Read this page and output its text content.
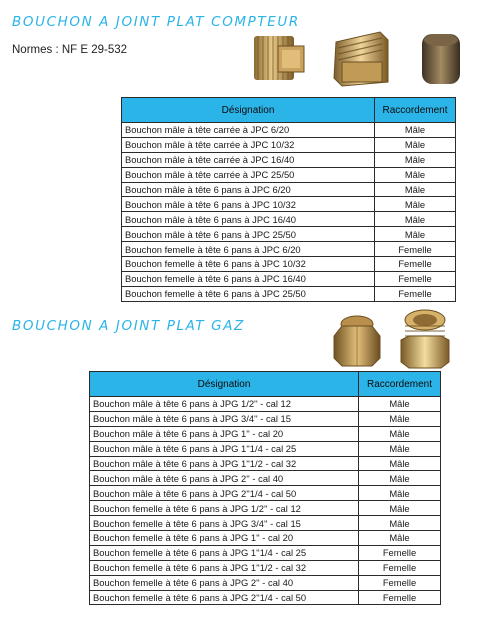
BOUCHON A JOINT PLAT COMPTEUR
Normes : NF E 29-532
Désignation	Raccordement
Bouchon mâle à tête carrée à JPC 6/20	Mâle
Bouchon mâle à tête carrée à JPC 10/32	Mâle
Bouchon mâle à tête carrée à JPC 16/40	Mâle
Bouchon mâle à tête carrée à JPC 25/50	Mâle
Bouchon mâle à tête 6 pans à JPC 6/20	Mâle
Bouchon mâle à tête 6 pans à JPC 10/32	Mâle
Bouchon mâle à tête 6 pans à JPC 16/40	Mâle
Bouchon mâle à tête 6 pans à JPC 25/50	Mâle
Bouchon femelle à tête 6 pans à JPC 6/20	Femelle
Bouchon femelle à tête 6 pans à JPC 10/32	Femelle
Bouchon femelle à tête 6 pans à JPC 16/40	Femelle
Bouchon femelle à tête 6 pans à JPC 25/50	Femelle
BOUCHON A JOINT PLAT GAZ
Désignation	Raccordement
Bouchon mâle à tête 6 pans à JPG 1/2'' - cal 12	Mâle
Bouchon mâle à tête 6 pans à JPG 3/4'' - cal 15	Mâle
Bouchon mâle à tête 6 pans à JPG 1'' - cal 20	Mâle
Bouchon mâle à tête 6 pans à JPG 1''1/4 - cal 25	Mâle
Bouchon mâle à tête 6 pans à JPG 1''1/2 - cal 32	Mâle
Bouchon mâle à tête 6 pans à JPG 2'' - cal 40	Mâle
Bouchon mâle à tête 6 pans à JPG 2''1/4 - cal 50	Mâle
Bouchon femelle à tête 6 pans à JPG 1/2'' - cal 12	Mâle
Bouchon femelle à tête 6 pans à JPG 3/4'' - cal 15	Mâle
Bouchon femelle à tête 6 pans à JPG 1'' - cal 20	Mâle
Bouchon femelle à tête 6 pans à JPG 1''1/4 - cal 25	Femelle
Bouchon femelle à tête 6 pans à JPG 1''1/2 - cal 32	Femelle
Bouchon femelle à tête 6 pans à JPG 2'' - cal 40	Femelle
Bouchon femelle à tête 6 pans à JPG 2''1/4 - cal 50	Femelle
